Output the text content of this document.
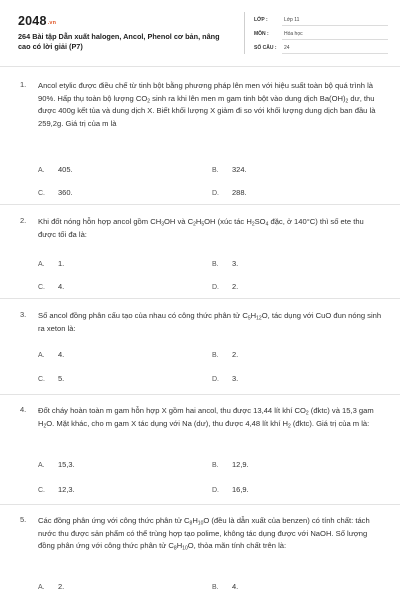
$2048_{.vn}$
264 Bài tập Dẫn xuất halogen, Ancol, Phenol cơ bản, nâng cao có lời giải (P7)
LỚP :	Lớp 11
MÔN :	Hóa học
SỐ CÂU : 24
1. Ancol etylic được điều chế từ tinh bột bằng phương pháp lên men với hiệu suất toàn bộ quá trình là 90%. Hấp thụ toàn bộ lượng $CO_2$ sinh ra khi lên men m gam tinh bột vào dung dịch $Ba(OH)_2$ dư, thu được 400g kết tủa và dung dịch X. Biết khối lượng X giảm đi so với khối lượng dung dịch ban đầu là 259,2g. Giá trị của m là
A. 405.	B. 324.
C. 360.	D. 288.
2. Khi đốt nóng hỗn hợp ancol gồm $CH_3OH$ và $C_2H_5OH$ (xúc tác $H_2SO_4$ đặc, ở 140°C) thì số ete thu được tối đa là:
A. 1.	B. 3.
C. 4.	D. 2.
3. Số ancol đồng phân cấu tạo của nhau có công thức phân tử $C_5H_{12}O$, tác dụng với CuO đun nóng sinh ra xeton là:
A. 4.	B. 2.
C. 5.	D. 3.
4. Đốt cháy hoàn toàn m gam hỗn hợp X gồm hai ancol, thu được 13,44 lít khí $CO_2$ (đktc) và 15,3 gam $H_2O$. Mặt khác, cho m gam X tác dụng với Na (dư), thu được 4,48 lít khí $H_2$ (đktc). Giá trị của m là:
A. 15,3.	B. 12,9.
C. 12,3.	D. 16,9.
5. Các đồng phân ứng với công thức phân tử $C_8H_{10}O$ (đều là dẫn xuất của benzen) có tính chất: tách nước thu được sản phẩm có thể trùng hợp tạo polime, không tác dụng được với NaOH. Số lượng đồng phân ứng với công thức phân tử $C_8H_{10}O$, thỏa mãn tính chất trên là:
A. 2.	B. 4.
